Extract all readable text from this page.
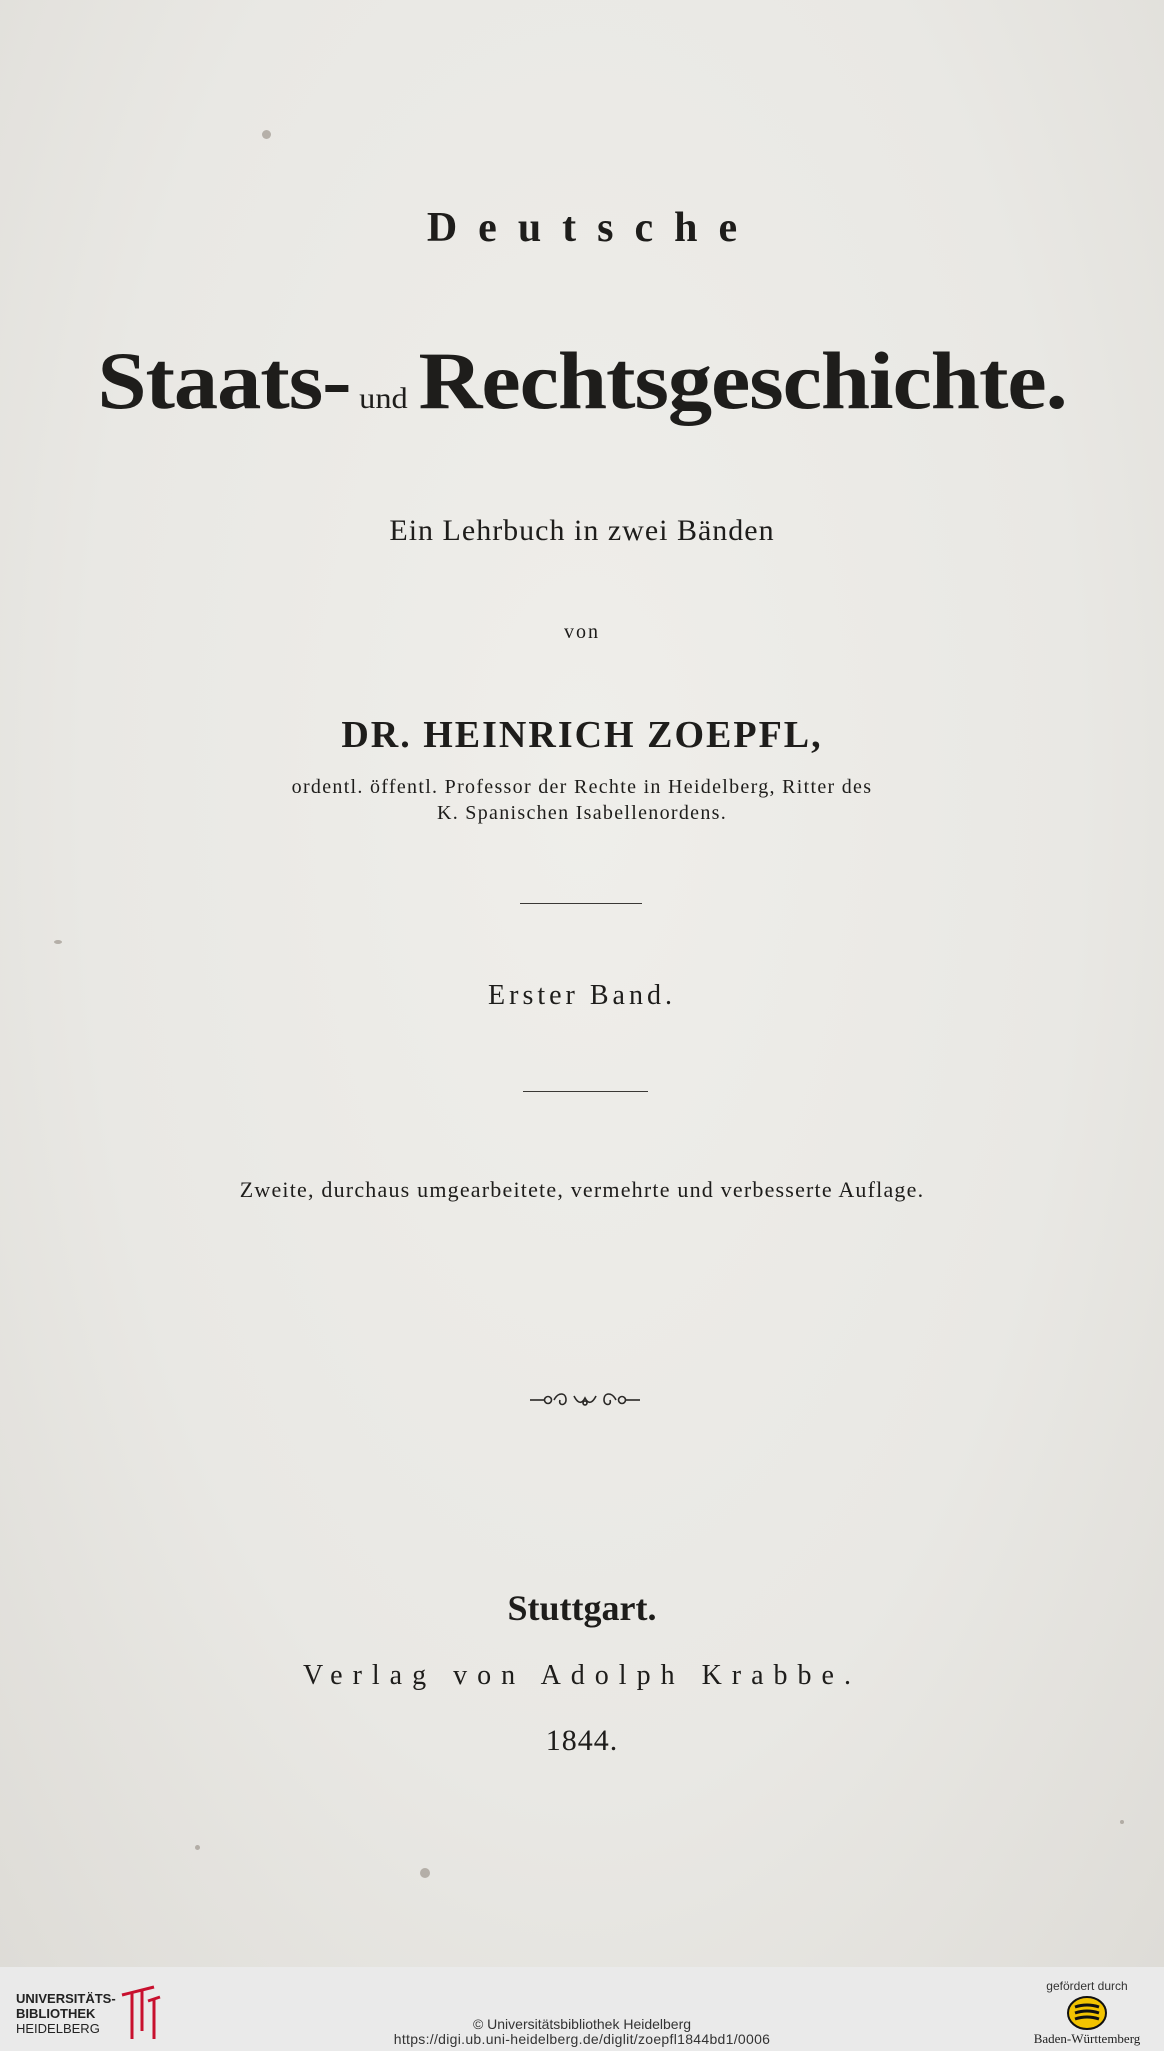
Deutsche
Staats- und Rechtsgeschichte.
Ein Lehrbuch in zwei Bänden
von
DR. HEINRICH ZOEPFL,
ordentl. öffentl. Professor der Rechte in Heidelberg, Ritter des
K. Spanischen Isabellenordens.
Erster Band.
Zweite, durchaus umgearbeitete, vermehrte und verbesserte Auflage.
Stuttgart.
Verlag von Adolph Krabbe.
1844.
UNIVERSITÄTS-
BIBLIOTHEK
HEIDELBERG	© Universitätsbibliothek Heidelberg
https://digi.ub.uni-heidelberg.de/diglit/zoepfl1844bd1/0006
gefördert durch
Baden-Württemberg
